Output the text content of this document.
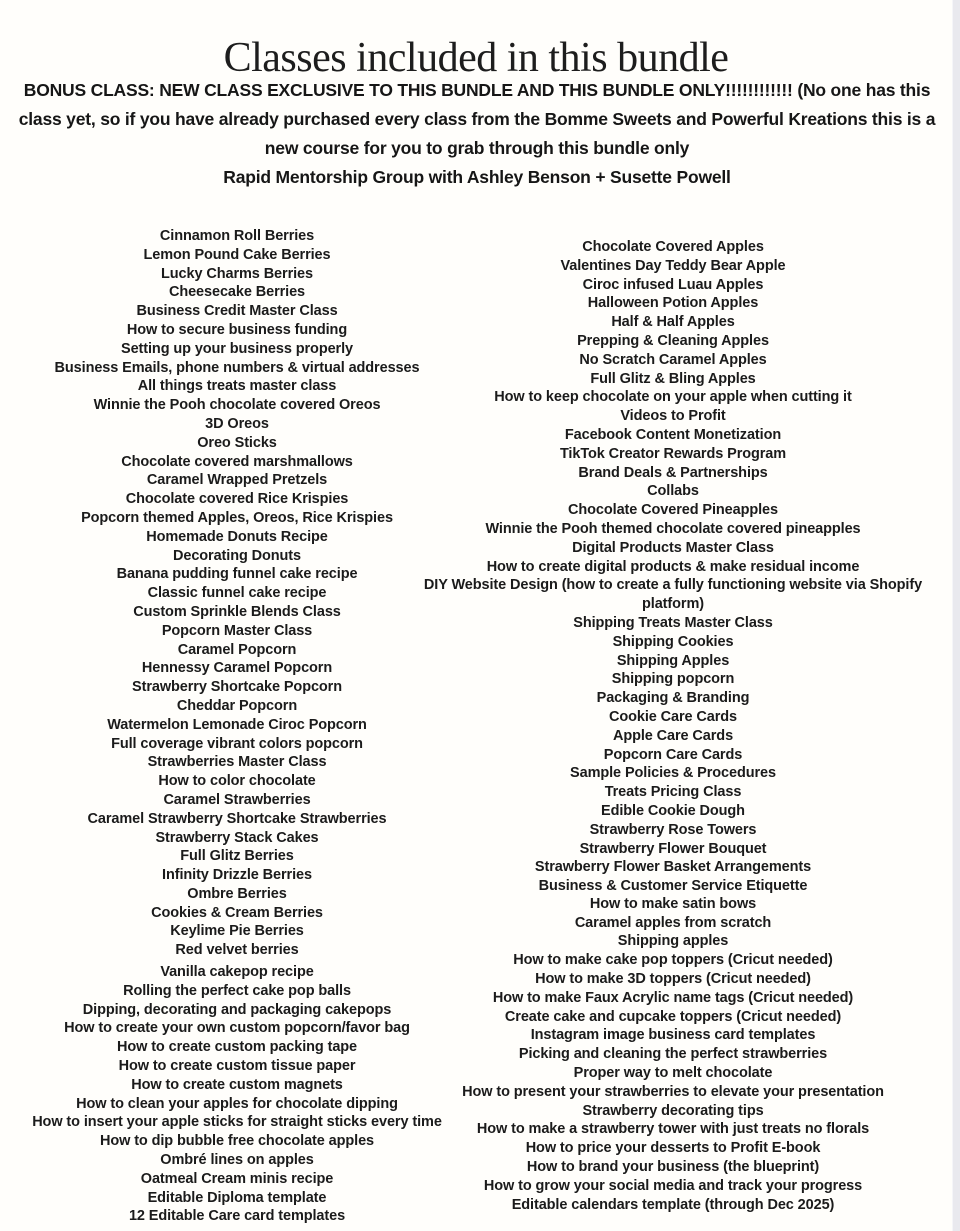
Classes included in this bundle

BONUS CLASS: NEW CLASS EXCLUSIVE TO THIS BUNDLE AND THIS BUNDLE ONLY!!!!!!!!!!!! (No one has this class yet, so if you have already purchased every class from the Bomme Sweets and Powerful Kreations this is a new course for you to grab through this bundle only

Rapid Mentorship Group with Ashley Benson + Susette Powell

Cinnamon Roll Berries
Lemon Pound Cake Berries
Lucky Charms Berries
Cheesecake Berries
Business Credit Master Class
How to secure business funding
Setting up your business properly
Business Emails, phone numbers & virtual addresses
All things treats master class
Winnie the Pooh chocolate covered Oreos
3D Oreos
Oreo Sticks
Chocolate covered marshmallows
Caramel Wrapped Pretzels
Chocolate covered Rice Krispies
Popcorn themed Apples, Oreos, Rice Krispies
Homemade Donuts Recipe
Decorating Donuts
Banana pudding funnel cake recipe
Classic funnel cake recipe
Custom Sprinkle Blends Class
Popcorn Master Class
Caramel Popcorn
Hennessy Caramel Popcorn
Strawberry Shortcake Popcorn
Cheddar Popcorn
Watermelon Lemonade Ciroc Popcorn
Full coverage vibrant colors popcorn
Strawberries Master Class
How to color chocolate
Caramel Strawberries
Caramel Strawberry Shortcake Strawberries
Strawberry Stack Cakes
Full Glitz Berries
Infinity Drizzle Berries
Ombre Berries
Cookies & Cream Berries
Keylime Pie Berries
Red velvet berries
Vanilla cakepop recipe
Rolling the perfect cake pop balls
Dipping, decorating and packaging cakepops
How to create your own custom popcorn/favor bag
How to create custom packing tape
How to create custom tissue paper
How to create custom magnets
How to clean your apples for chocolate dipping
How to insert your apple sticks for straight sticks every time
How to dip bubble free chocolate apples
Ombré lines on apples
Oatmeal Cream minis recipe
Editable Diploma template
12 Editable Care card templates
Chocolate Covered Apples
Valentines Day Teddy Bear Apple
Ciroc infused Luau Apples
Halloween Potion Apples
Half & Half Apples
Prepping & Cleaning Apples
No Scratch Caramel Apples
Full Glitz & Bling Apples
How to keep chocolate on your apple when cutting it
Videos to Profit
Facebook Content Monetization
TikTok Creator Rewards Program
Brand Deals & Partnerships
Collabs
Chocolate Covered Pineapples
Winnie the Pooh themed chocolate covered pineapples
Digital Products Master Class
How to create digital products & make residual income
DIY Website Design (how to create a fully functioning website via Shopify platform)
Shipping Treats Master Class
Shipping Cookies
Shipping Apples
Shipping popcorn
Packaging & Branding
Cookie Care Cards
Apple Care Cards
Popcorn Care Cards
Sample Policies & Procedures
Treats Pricing Class
Edible Cookie Dough
Strawberry Rose Towers
Strawberry Flower Bouquet
Strawberry Flower Basket Arrangements
Business & Customer Service Etiquette
How to make satin bows
Caramel apples from scratch
Shipping apples
How to make cake pop toppers (Cricut needed)
How to make 3D toppers (Cricut needed)
How to make Faux Acrylic name tags (Cricut needed)
Create cake and cupcake toppers (Cricut needed)
Instagram image business card templates
Picking and cleaning the perfect strawberries
Proper way to melt chocolate
How to present your strawberries to elevate your presentation
Strawberry decorating tips
How to make a strawberry tower with just treats no florals
How to price your desserts to Profit E-book
How to brand your business (the blueprint)
How to grow your social media and track your progress
Editable calendars template (through Dec 2025)
